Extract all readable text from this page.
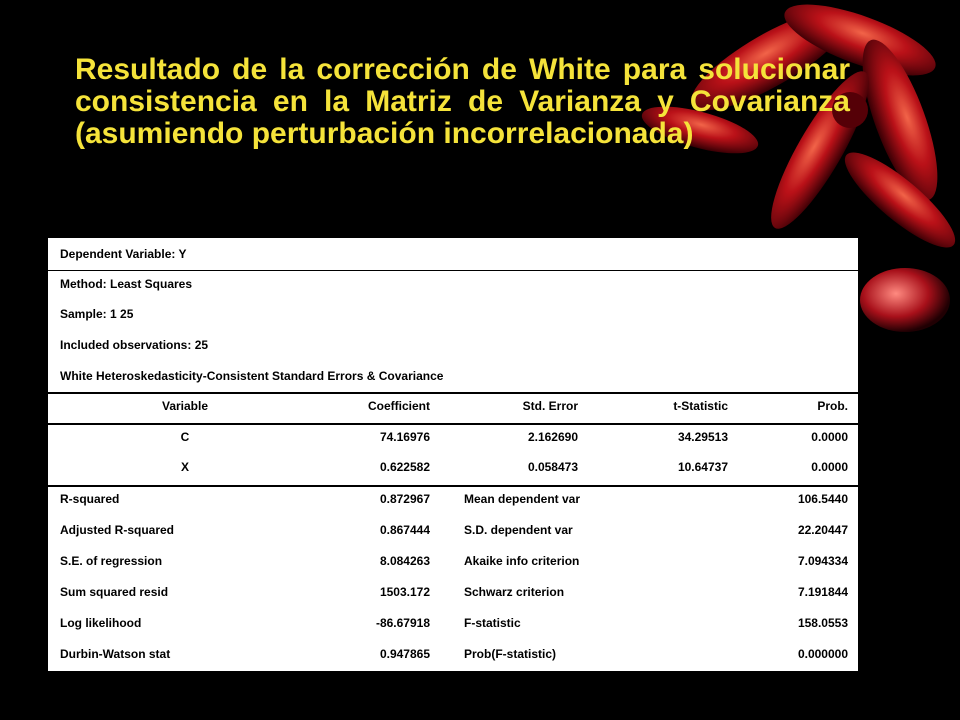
Resultado de la corrección de White para solucionar consistencia en la Matriz de Varianza y Covarianza (asumiendo perturbación incorrelacionada)
Dependent Variable: Y
Method: Least Squares
Sample: 1 25
Included observations: 25
White Heteroskedasticity-Consistent Standard Errors & Covariance
Variable	Coefficient	Std. Error	t-Statistic	Prob.
C	74.16976	2.162690	34.29513	0.0000
X	0.622582	0.058473	10.64737	0.0000
R-squared	0.872967	Mean dependent var	106.5440
Adjusted R-squared	0.867444	S.D. dependent var	22.20447
S.E. of regression	8.084263	Akaike info criterion	7.094334
Sum squared resid	1503.172	Schwarz criterion	7.191844
Log likelihood	-86.67918	F-statistic	158.0553
Durbin-Watson stat	0.947865	Prob(F-statistic)	0.000000
